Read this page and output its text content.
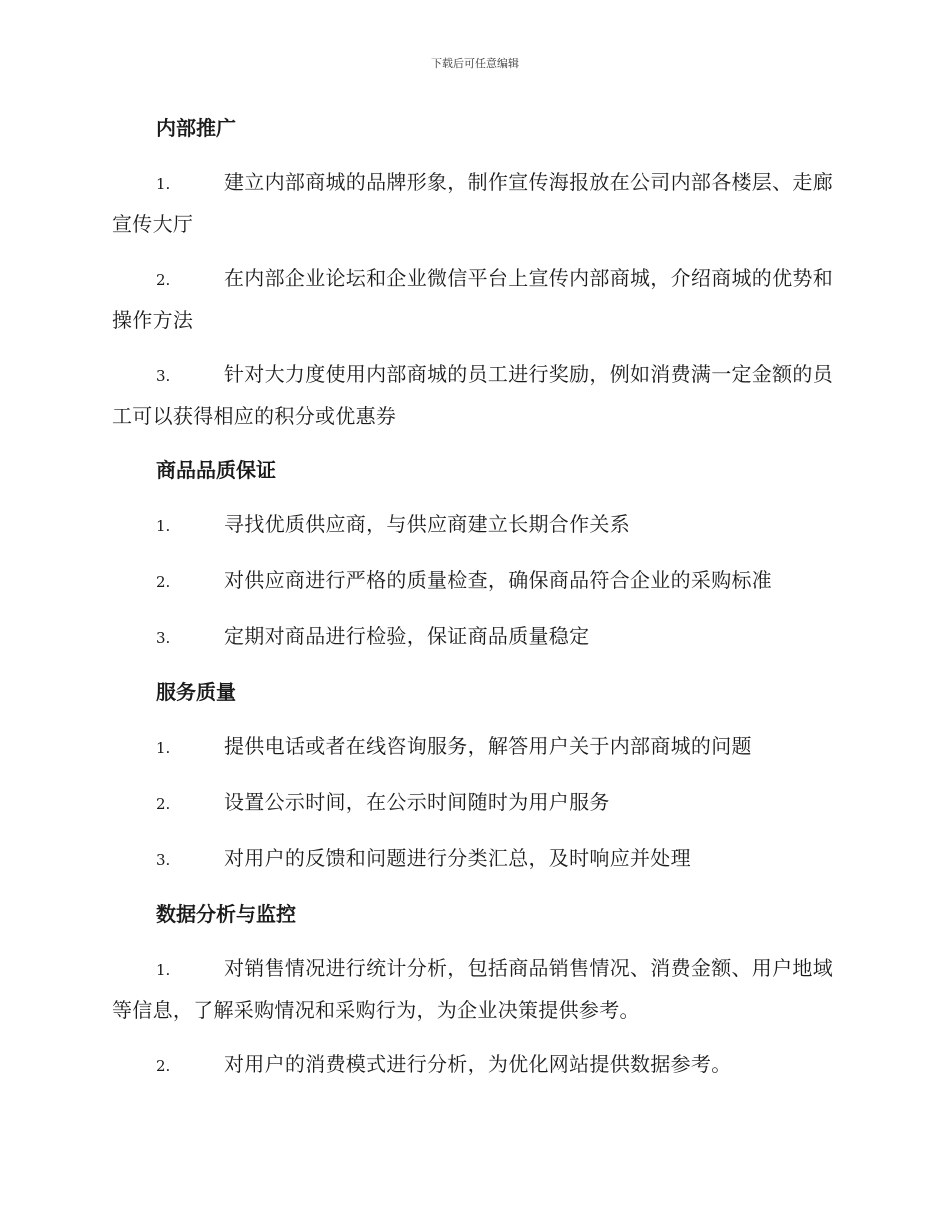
下载后可任意编辑
内部推广
1.	建立内部商城的品牌形象，制作宣传海报放在公司内部各楼层、走廊宣传大厅
2.	在内部企业论坛和企业微信平台上宣传内部商城，介绍商城的优势和操作方法
3.	针对大力度使用内部商城的员工进行奖励，例如消费满一定金额的员工可以获得相应的积分或优惠券
商品品质保证
1.	寻找优质供应商，与供应商建立长期合作关系
2.	对供应商进行严格的质量检查，确保商品符合企业的采购标准
3.	定期对商品进行检验，保证商品质量稳定
服务质量
1.	提供电话或者在线咨询服务，解答用户关于内部商城的问题
2.	设置公示时间，在公示时间随时为用户服务
3.	对用户的反馈和问题进行分类汇总，及时响应并处理
数据分析与监控
1.	对销售情况进行统计分析，包括商品销售情况、消费金额、用户地域等信息，了解采购情况和采购行为，为企业决策提供参考。
2.	对用户的消费模式进行分析，为优化网站提供数据参考。
